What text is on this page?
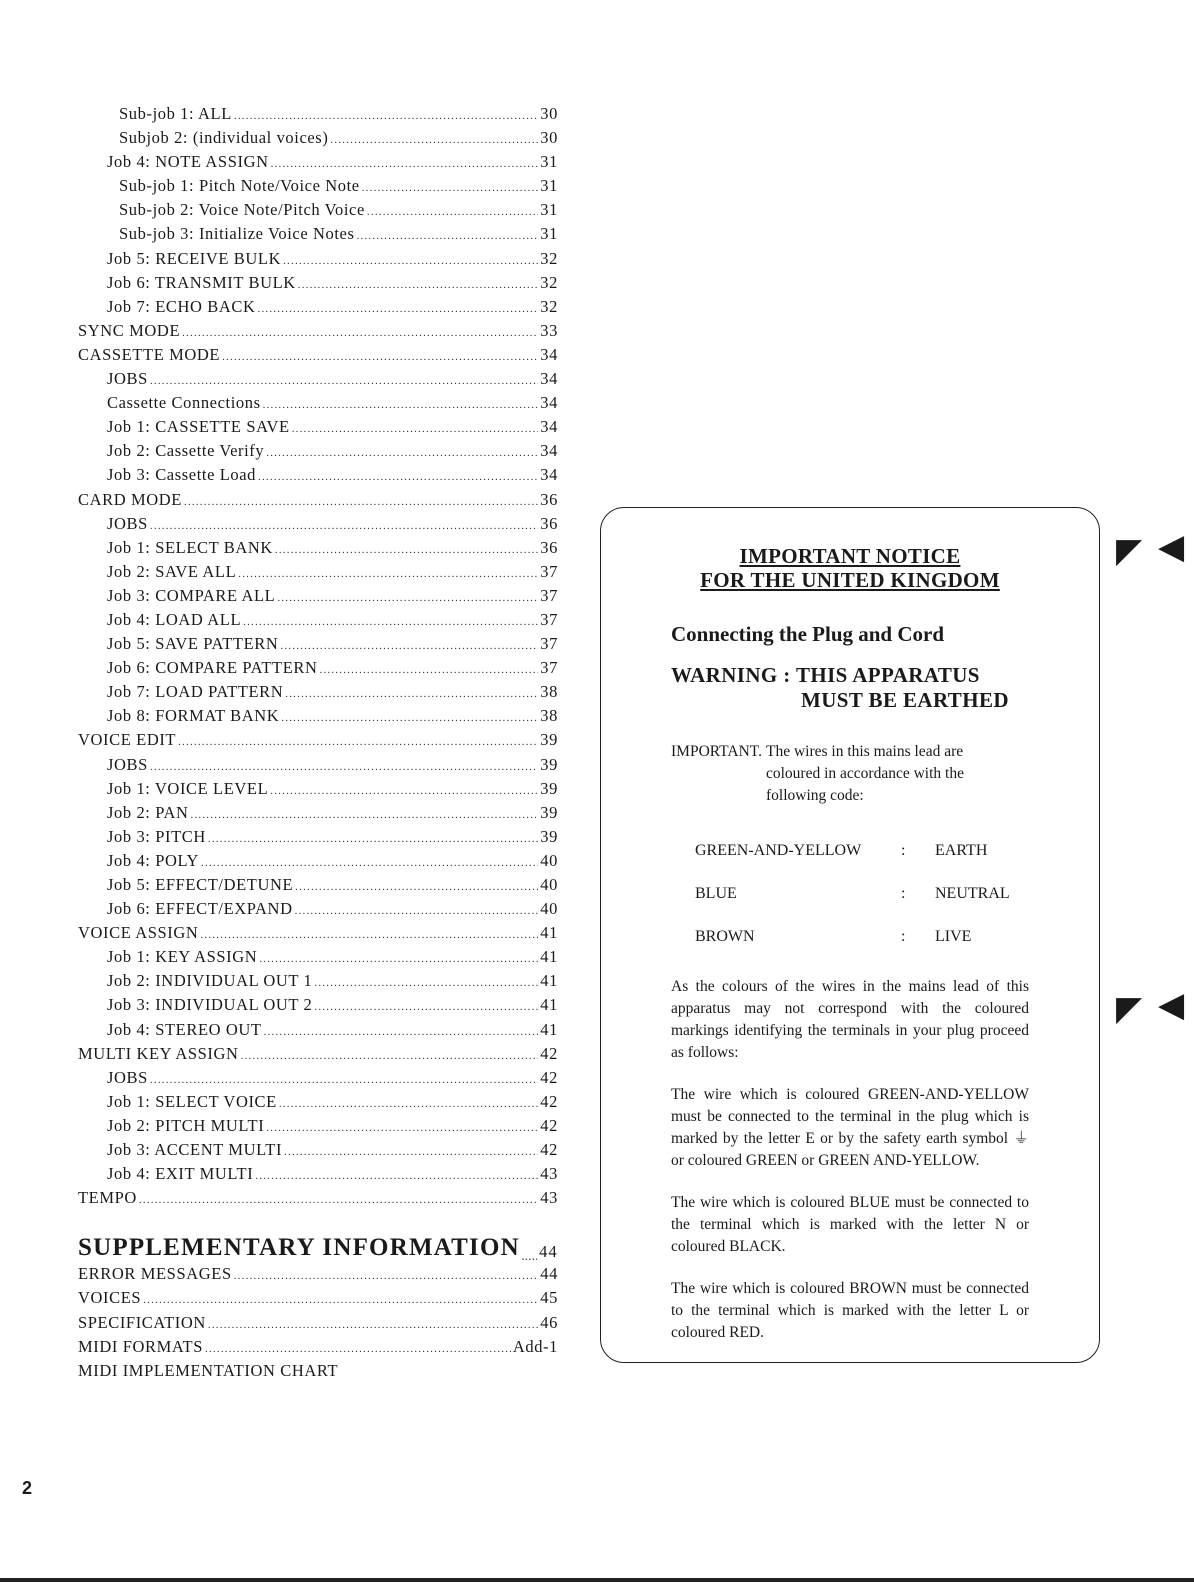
Sub-job 1: ALL .....	30
Subjob 2: (individual voices) .....	30
Job 4: NOTE ASSIGN .....	31
Sub-job 1: Pitch Note/Voice Note .....	31
Sub-job 2: Voice Note/Pitch Voice .....	31
Sub-job 3: Initialize Voice Notes .....	31
Job 5: RECEIVE BULK .....	32
Job 6: TRANSMIT BULK .....	32
Job 7: ECHO BACK .....	32
SYNC MODE .....	33
CASSETTE MODE .....	34
JOBS .....	34
Cassette Connections .....	34
Job 1: CASSETTE SAVE .....	34
Job 2: Cassette Verify .....	34
Job 3: Cassette Load .....	34
CARD MODE .....	36
JOBS .....	36
Job 1: SELECT BANK .....	36
Job 2: SAVE ALL .....	37
Job 3: COMPARE ALL .....	37
Job 4: LOAD ALL .....	37
Job 5: SAVE PATTERN .....	37
Job 6: COMPARE PATTERN .....	37
Job 7: LOAD PATTERN .....	38
Job 8: FORMAT BANK .....	38
VOICE EDIT .....	39
JOBS .....	39
Job 1: VOICE LEVEL .....	39
Job 2: PAN .....	39
Job 3: PITCH .....	39
Job 4: POLY .....	40
Job 5: EFFECT/DETUNE .....	40
Job 6: EFFECT/EXPAND .....	40
VOICE ASSIGN .....	41
Job 1: KEY ASSIGN .....	41
Job 2: INDIVIDUAL OUT 1 .....	41
Job 3: INDIVIDUAL OUT 2 .....	41
Job 4: STEREO OUT .....	41
MULTI KEY ASSIGN .....	42
JOBS .....	42
Job 1: SELECT VOICE .....	42
Job 2: PITCH MULTI .....	42
Job 3: ACCENT MULTI .....	42
Job 4: EXIT MULTI .....	43
TEMPO .....	43
SUPPLEMENTARY INFORMATION ..... 44
ERROR MESSAGES .....	44
VOICES .....	45
SPECIFICATION .....	46
MIDI FORMATS .....	Add-1
MIDI IMPLEMENTATION CHART
IMPORTANT NOTICE
FOR THE UNITED KINGDOM
Connecting the Plug and Cord
WARNING : THIS APPARATUS
MUST BE EARTHED
IMPORTANT. The wires in this mains lead are
coloured in accordance with the
following code:
GREEN-AND-YELLOW	:	EARTH
BLUE	:	NEUTRAL
BROWN	:	LIVE
As the colours of the wires in the mains lead of this apparatus may not correspond with the coloured markings identifying the terminals in your plug proceed as follows:
The wire which is coloured GREEN-AND-YELLOW must be connected to the terminal in the plug which is marked by the letter E or by the safety earth symbol ⏚ or coloured GREEN or GREEN AND-YELLOW.
The wire which is coloured BLUE must be connected to the terminal which is marked with the letter N or coloured BLACK.
The wire which is coloured BROWN must be connected to the terminal which is marked with the letter L or coloured RED.
◤ ◀
◤ ◀
2
